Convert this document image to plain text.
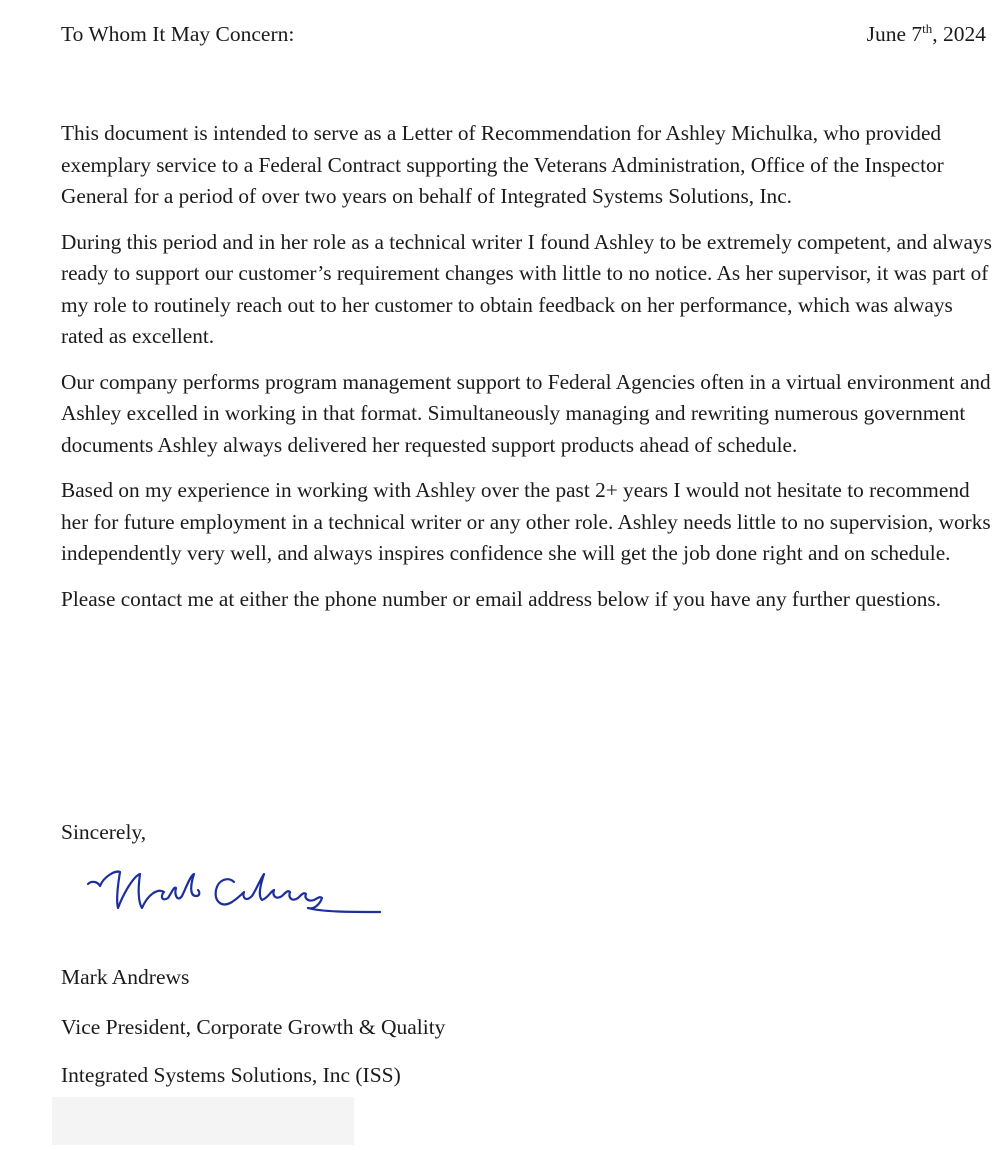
To Whom It May Concern:	June 7th, 2024

This document is intended to serve as a Letter of Recommendation for Ashley Michulka, who provided exemplary service to a Federal Contract supporting the Veterans Administration, Office of the Inspector General for a period of over two years on behalf of Integrated Systems Solutions, Inc.

During this period and in her role as a technical writer I found Ashley to be extremely competent, and always ready to support our customer’s requirement changes with little to no notice. As her supervisor, it was part of my role to routinely reach out to her customer to obtain feedback on her performance, which was always rated as excellent.

Our company performs program management support to Federal Agencies often in a virtual environment and Ashley excelled in working in that format. Simultaneously managing and rewriting numerous government documents Ashley always delivered her requested support products ahead of schedule.

Based on my experience in working with Ashley over the past 2+ years I would not hesitate to recommend her for future employment in a technical writer or any other role. Ashley needs little to no supervision, works independently very well, and always inspires confidence she will get the job done right and on schedule.

Please contact me at either the phone number or email address below if you have any further questions.

Sincerely,
Mark Andrews
Vice President, Corporate Growth & Quality
Integrated Systems Solutions, Inc (ISS)
